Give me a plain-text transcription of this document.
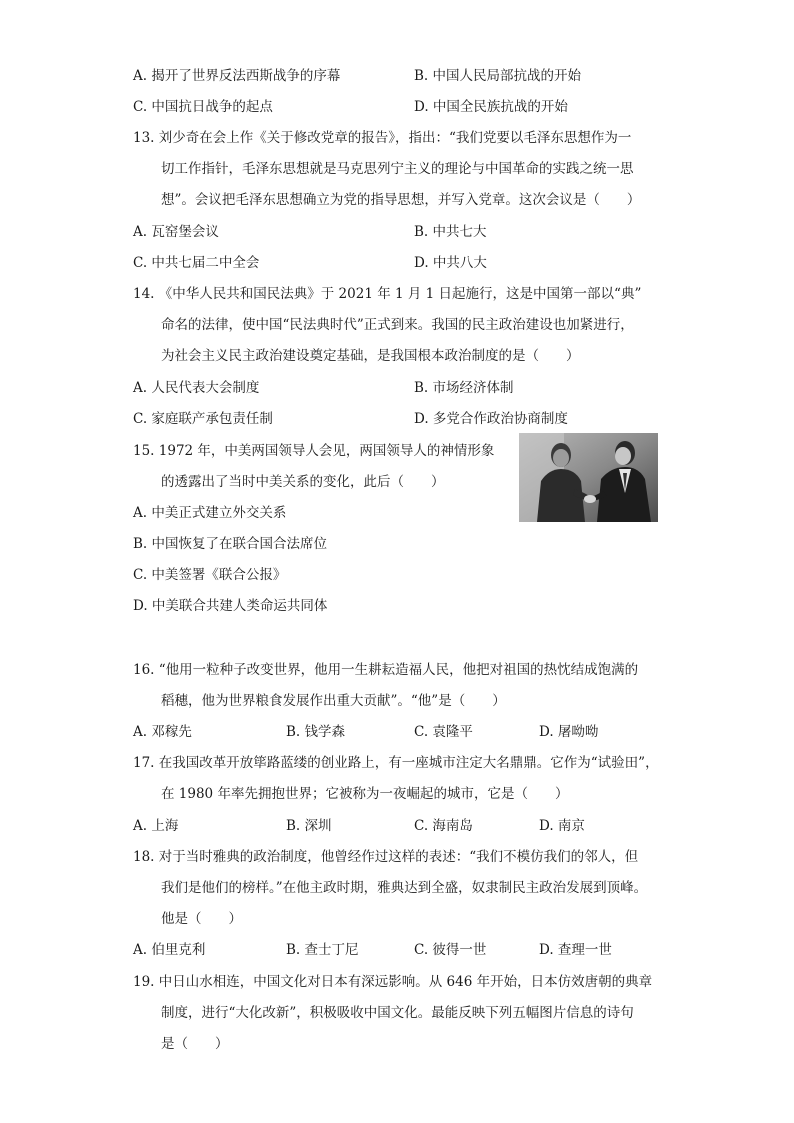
A. 揭开了世界反法西斯战争的序幕	B. 中国人民局部抗战的开始
C. 中国抗日战争的起点	D. 中国全民族抗战的开始
13. 刘少奇在会上作《关于修改党章的报告》，指出：“我们党要以毛泽东思想作为一
切工作指针，毛泽东思想就是马克思列宁主义的理论与中国革命的实践之统一思
想”。会议把毛泽东思想确立为党的指导思想，并写入党章。这次会议是（　　）
A. 瓦窑堡会议	B. 中共七大
C. 中共七届二中全会	D. 中共八大
14. 《中华人民共和国民法典》于 2021 年 1 月 1 日起施行，这是中国第一部以“典”
命名的法律，使中国“民法典时代”正式到来。我国的民主政治建设也加紧进行，
为社会主义民主政治建设奠定基础，是我国根本政治制度的是（　　）
A. 人民代表大会制度	B. 市场经济体制
C. 家庭联产承包责任制	D. 多党合作政治协商制度
15. 1972 年，中美两国领导人会见，两国领导人的神情形象
的透露出了当时中美关系的变化，此后（　　）
A. 中美正式建立外交关系
B. 中国恢复了在联合国合法席位
C. 中美签署《联合公报》
D. 中美联合共建人类命运共同体
16. “他用一粒种子改变世界，他用一生耕耘造福人民，他把对祖国的热忱结成饱满的
稻穗，他为世界粮食发展作出重大贡献”。“他”是（　　）
A. 邓稼先	B. 钱学森	C. 袁隆平	D. 屠呦呦
17. 在我国改革开放筚路蓝缕的创业路上，有一座城市注定大名鼎鼎。它作为“试验田”，
在 1980 年率先拥抱世界；它被称为一夜崛起的城市，它是（　　）
A. 上海	B. 深圳	C. 海南岛	D. 南京
18. 对于当时雅典的政治制度，他曾经作过这样的表述：“我们不模仿我们的邻人，但
我们是他们的榜样。”在他主政时期，雅典达到全盛，奴隶制民主政治发展到顶峰。
他是（　　）
A. 伯里克利	B. 查士丁尼	C. 彼得一世	D. 查理一世
19. 中日山水相连，中国文化对日本有深远影响。从 646 年开始，日本仿效唐朝的典章
制度，进行“大化改新”，积极吸收中国文化。最能反映下列五幅图片信息的诗句
是（　　）
